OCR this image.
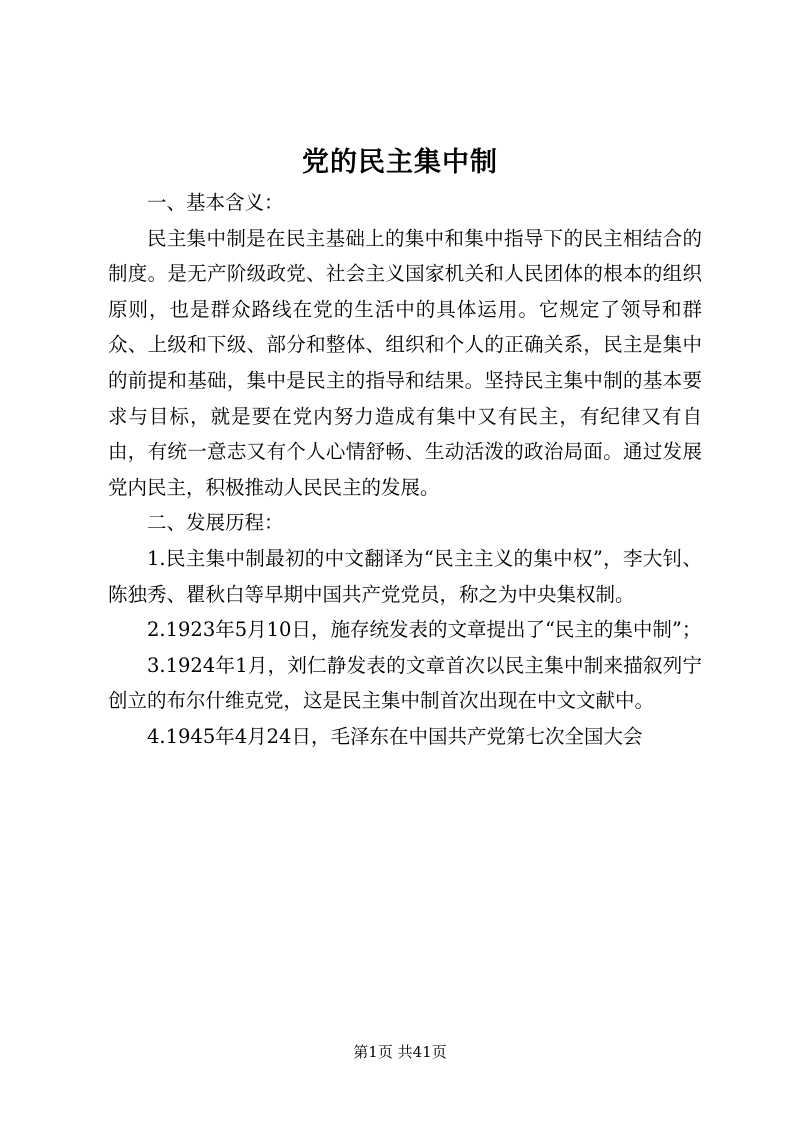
党的民主集中制

一、基本含义：

民主集中制是在民主基础上的集中和集中指导下的民主相结合的制度。是无产阶级政党、社会主义国家机关和人民团体的根本的组织原则，也是群众路线在党的生活中的具体运用。它规定了领导和群众、上级和下级、部分和整体、组织和个人的正确关系，民主是集中的前提和基础，集中是民主的指导和结果。坚持民主集中制的基本要求与目标，就是要在党内努力造成有集中又有民主，有纪律又有自由，有统一意志又有个人心情舒畅、生动活泼的政治局面。通过发展党内民主，积极推动人民民主的发展。

二、发展历程：

1.民主集中制最初的中文翻译为“民主主义的集中权”，李大钊、陈独秀、瞿秋白等早期中国共产党党员，称之为中央集权制。

2.1923年5月10日，施存统发表的文章提出了“民主的集中制”；

3.1924年1月，刘仁静发表的文章首次以民主集中制来描叙列宁创立的布尔什维克党，这是民主集中制首次出现在中文文献中。

4.1945年4月24日，毛泽东在中国共产党第七次全国大会

第1页 共41页
